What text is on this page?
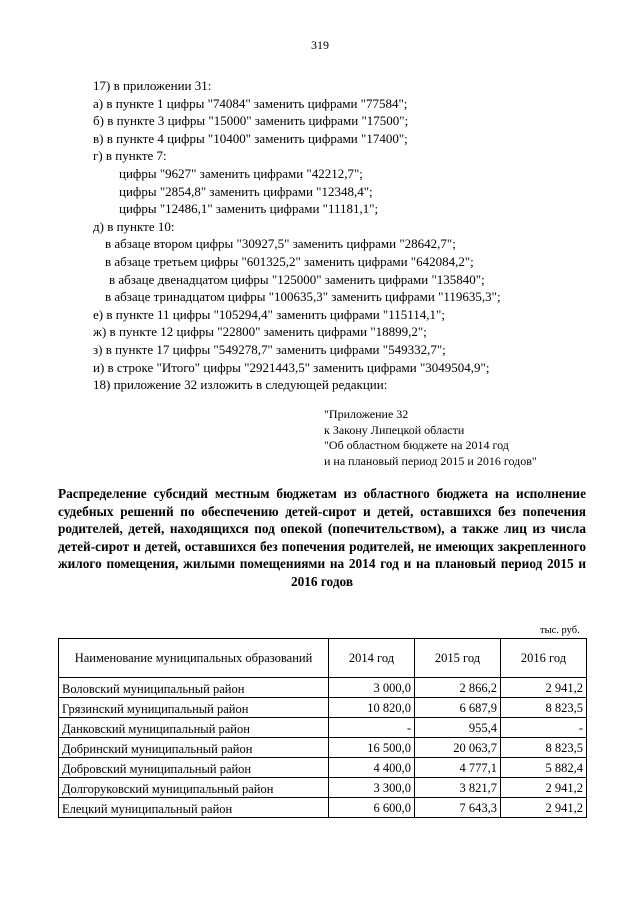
319
17) в приложении 31:
а) в пункте 1 цифры "74084" заменить цифрами "77584";
б) в пункте 3 цифры "15000" заменить цифрами "17500";
в) в пункте 4 цифры "10400" заменить цифрами "17400";
г) в пункте 7:
цифры "9627" заменить цифрами "42212,7";
цифры "2854,8" заменить цифрами "12348,4";
цифры "12486,1" заменить цифрами "11181,1";
д) в пункте 10:
в абзаце втором цифры "30927,5" заменить цифрами "28642,7";
в абзаце третьем цифры "601325,2" заменить цифрами "642084,2";
в абзаце двенадцатом цифры "125000" заменить цифрами "135840";
в абзаце тринадцатом цифры "100635,3" заменить цифрами "119635,3";
е) в пункте 11 цифры "105294,4" заменить цифрами "115114,1";
ж) в пункте 12 цифры "22800" заменить цифрами "18899,2";
з) в пункте 17 цифры "549278,7" заменить цифрами "549332,7";
и) в строке "Итого" цифры "2921443,5" заменить цифрами "3049504,9";
18) приложение 32 изложить в следующей редакции:
"Приложение 32
к Закону Липецкой области
"Об областном бюджете на 2014 год
и на плановый период 2015 и 2016 годов"
Распределение субсидий местным бюджетам из областного бюджета на исполнение судебных решений по обеспечению детей-сирот и детей, оставшихся без попечения родителей, детей, находящихся под опекой (попечительством), а также лиц из числа детей-сирот и детей, оставшихся без попечения родителей, не имеющих закрепленного жилого помещения, жилыми помещениями на 2014 год и на плановый период 2015 и 2016 годов
тыс. руб.
Наименование муниципальных образований	2014 год	2015 год	2016 год
Воловский муниципальный район	3 000,0	2 866,2	2 941,2
Грязинский муниципальный район	10 820,0	6 687,9	8 823,5
Данковский муниципальный район	-	955,4	-
Добринский муниципальный район	16 500,0	20 063,7	8 823,5
Добровский муниципальный район	4 400,0	4 777,1	5 882,4
Долгоруковский муниципальный район	3 300,0	3 821,7	2 941,2
Елецкий муниципальный район	6 600,0	7 643,3	2 941,2
